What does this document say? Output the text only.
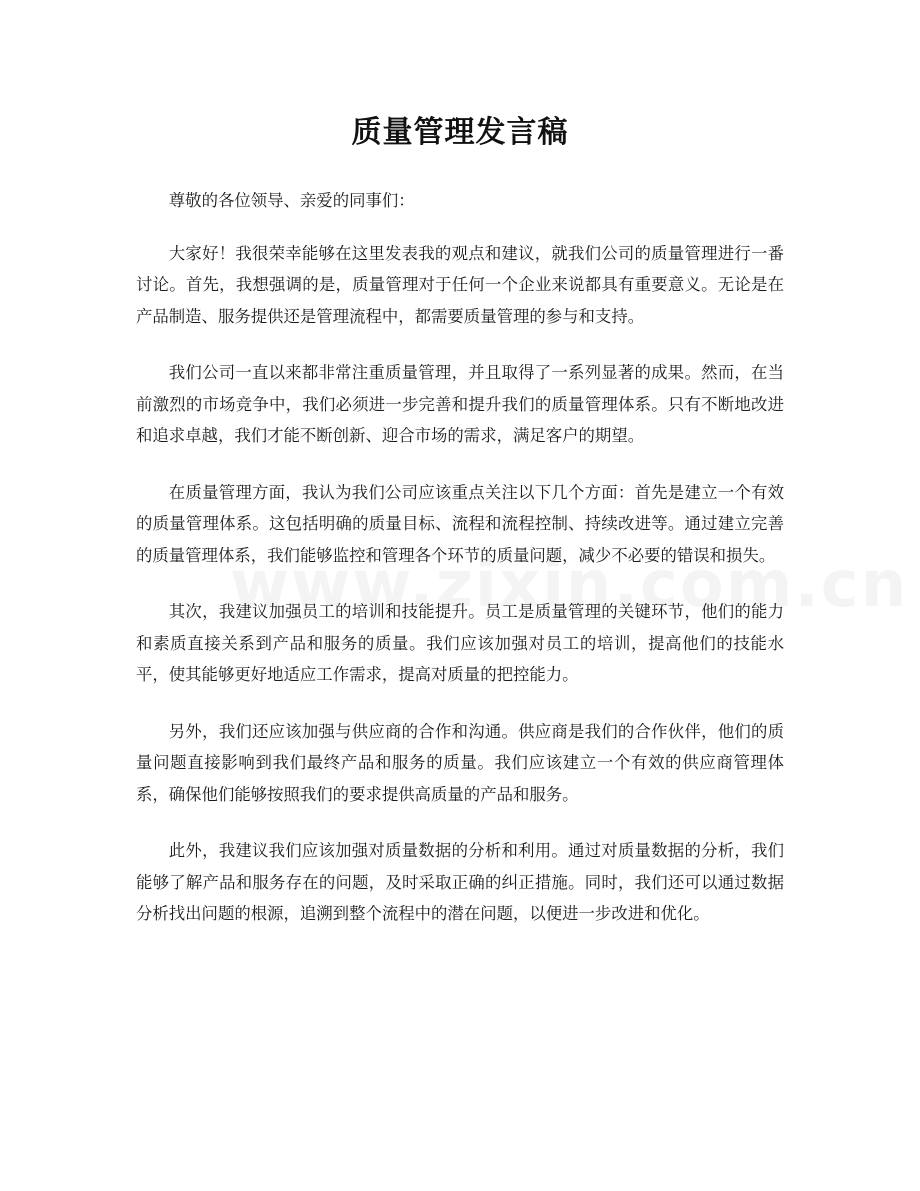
质量管理发言稿

尊敬的各位领导、亲爱的同事们：

大家好！我很荣幸能够在这里发表我的观点和建议，就我们公司的质量管理进行一番讨论。首先，我想强调的是，质量管理对于任何一个企业来说都具有重要意义。无论是在产品制造、服务提供还是管理流程中，都需要质量管理的参与和支持。

我们公司一直以来都非常注重质量管理，并且取得了一系列显著的成果。然而，在当前激烈的市场竞争中，我们必须进一步完善和提升我们的质量管理体系。只有不断地改进和追求卓越，我们才能不断创新、迎合市场的需求，满足客户的期望。

在质量管理方面，我认为我们公司应该重点关注以下几个方面：首先是建立一个有效的质量管理体系。这包括明确的质量目标、流程和流程控制、持续改进等。通过建立完善的质量管理体系，我们能够监控和管理各个环节的质量问题，减少不必要的错误和损失。

其次，我建议加强员工的培训和技能提升。员工是质量管理的关键环节，他们的能力和素质直接关系到产品和服务的质量。我们应该加强对员工的培训，提高他们的技能水平，使其能够更好地适应工作需求，提高对质量的把控能力。

另外，我们还应该加强与供应商的合作和沟通。供应商是我们的合作伙伴，他们的质量问题直接影响到我们最终产品和服务的质量。我们应该建立一个有效的供应商管理体系，确保他们能够按照我们的要求提供高质量的产品和服务。

此外，我建议我们应该加强对质量数据的分析和利用。通过对质量数据的分析，我们能够了解产品和服务存在的问题，及时采取正确的纠正措施。同时，我们还可以通过数据分析找出问题的根源，追溯到整个流程中的潜在问题，以便进一步改进和优化。
